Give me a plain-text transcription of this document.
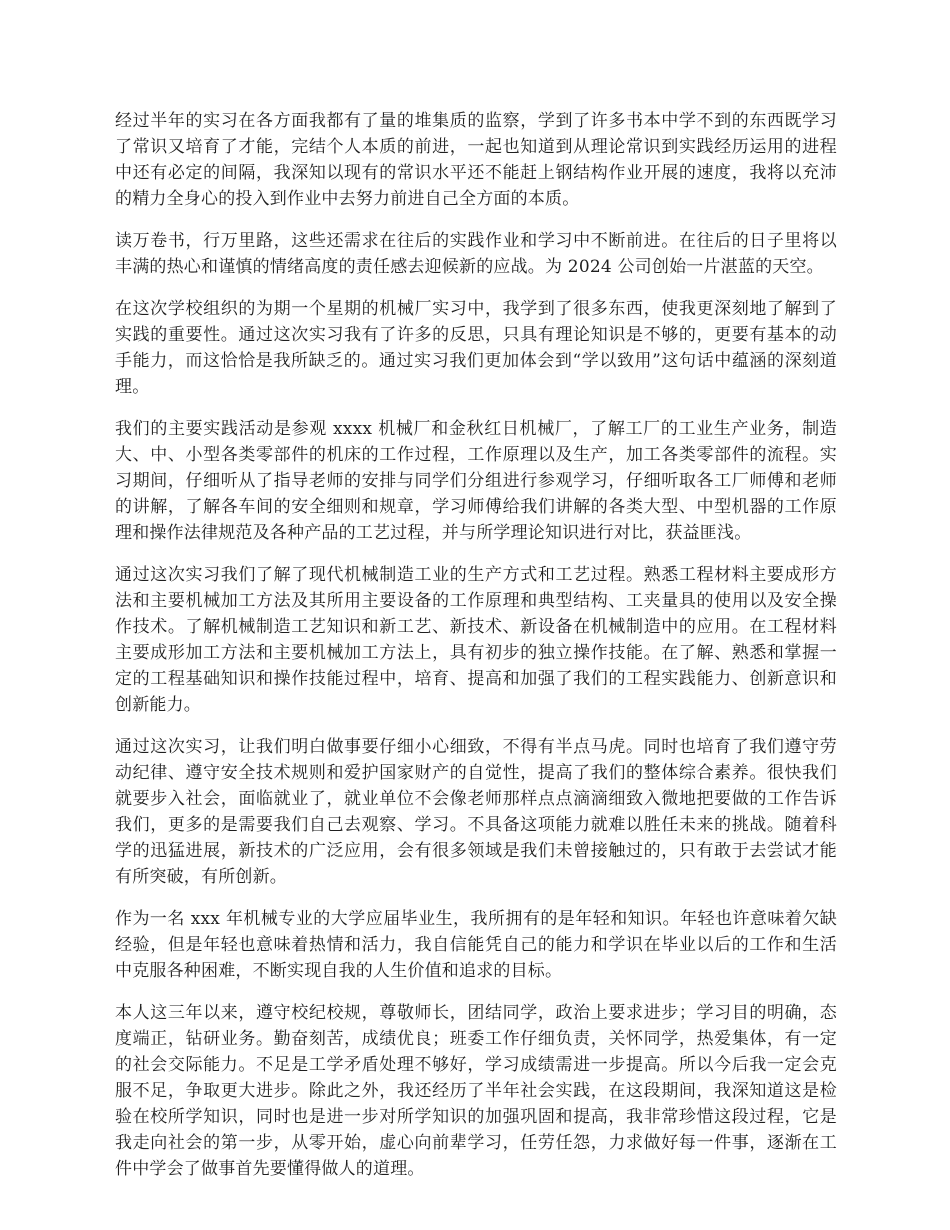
经过半年的实习在各方面我都有了量的堆集质的监察，学到了许多书本中学不到的东西既学习了常识又培育了才能，完结个人本质的前进，一起也知道到从理论常识到实践经历运用的进程中还有必定的间隔，我深知以现有的常识水平还不能赶上钢结构作业开展的速度，我将以充沛的精力全身心的投入到作业中去努力前进自己全方面的本质。

读万卷书，行万里路，这些还需求在往后的实践作业和学习中不断前进。在往后的日子里将以丰满的热心和谨慎的情绪高度的责任感去迎候新的应战。为 2024 公司创始一片湛蓝的天空。

在这次学校组织的为期一个星期的机械厂实习中，我学到了很多东西，使我更深刻地了解到了实践的重要性。通过这次实习我有了许多的反思，只具有理论知识是不够的，更要有基本的动手能力，而这恰恰是我所缺乏的。通过实习我们更加体会到“学以致用”这句话中蕴涵的深刻道理。

我们的主要实践活动是参观 xxxx 机械厂和金秋红日机械厂，了解工厂的工业生产业务，制造大、中、小型各类零部件的机床的工作过程，工作原理以及生产，加工各类零部件的流程。实习期间，仔细听从了指导老师的安排与同学们分组进行参观学习，仔细听取各工厂师傅和老师的讲解，了解各车间的安全细则和规章，学习师傅给我们讲解的各类大型、中型机器的工作原理和操作法律规范及各种产品的工艺过程，并与所学理论知识进行对比，获益匪浅。

通过这次实习我们了解了现代机械制造工业的生产方式和工艺过程。熟悉工程材料主要成形方法和主要机械加工方法及其所用主要设备的工作原理和典型结构、工夹量具的使用以及安全操作技术。了解机械制造工艺知识和新工艺、新技术、新设备在机械制造中的应用。在工程材料主要成形加工方法和主要机械加工方法上，具有初步的独立操作技能。在了解、熟悉和掌握一定的工程基础知识和操作技能过程中，培育、提高和加强了我们的工程实践能力、创新意识和创新能力。

通过这次实习，让我们明白做事要仔细小心细致，不得有半点马虎。同时也培育了我们遵守劳动纪律、遵守安全技术规则和爱护国家财产的自觉性，提高了我们的整体综合素养。很快我们就要步入社会，面临就业了，就业单位不会像老师那样点点滴滴细致入微地把要做的工作告诉我们，更多的是需要我们自己去观察、学习。不具备这项能力就难以胜任未来的挑战。随着科学的迅猛进展，新技术的广泛应用，会有很多领域是我们未曾接触过的，只有敢于去尝试才能有所突破，有所创新。

作为一名 xxx 年机械专业的大学应届毕业生，我所拥有的是年轻和知识。年轻也许意味着欠缺经验，但是年轻也意味着热情和活力，我自信能凭自己的能力和学识在毕业以后的工作和生活中克服各种困难，不断实现自我的人生价值和追求的目标。

本人这三年以来，遵守校纪校规，尊敬师长，团结同学，政治上要求进步；学习目的明确，态度端正，钻研业务。勤奋刻苦，成绩优良；班委工作仔细负责，关怀同学，热爱集体，有一定的社会交际能力。不足是工学矛盾处理不够好，学习成绩需进一步提高。所以今后我一定会克服不足，争取更大进步。除此之外，我还经历了半年社会实践，在这段期间，我深知道这是检验在校所学知识，同时也是进一步对所学知识的加强巩固和提高，我非常珍惜这段过程，它是我走向社会的第一步，从零开始，虚心向前辈学习，任劳任怨，力求做好每一件事，逐渐在工件中学会了做事首先要懂得做人的道理。
